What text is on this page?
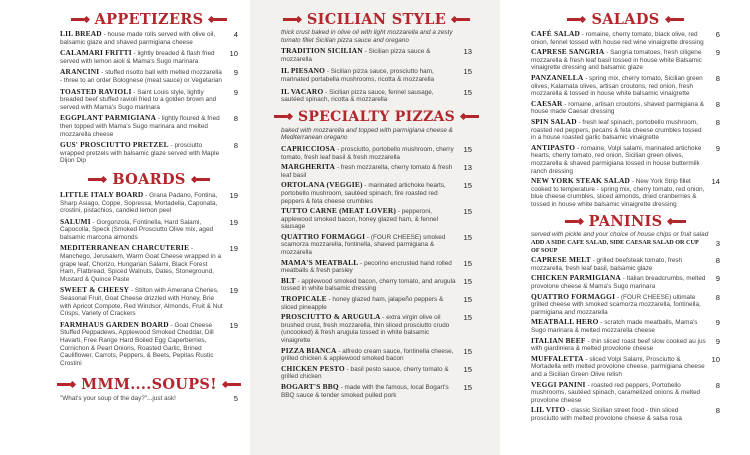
APPETIZERS
LIL BREAD - house made rolls served with olive oil, balsamic glaze and shaved parmigiana cheese
4
CALAMARI FRITTI - lightly breaded & flash fried served with lemon aioli & Mama's Sugo marinara
10
ARANCINI - stuffed risotto ball with melted mozzarella - three to an order Bolognese (meat sauce) or Vegetarian
9
TOASTED RAVIOLI - Saint Louis style, lightly breaded beef stuffed ravioli fried to a golden brown and served with Mama's Sugo marinara
9
EGGPLANT PARMIGIANA - lightly floured & fried then topped with Mama's Sugo marinara and melted mozzarella cheese
8
GUS' PROSCIUTTO PRETZEL - prosciutto wrapped pretzels with balsamic glaze served with Maple Dijon Dip
8
BOARDS
LITTLE ITALY BOARD - Grana Padano, Fontina, Sharp Asiago, Coppe, Sopressa, Mortadella, Caponata, crostini, pistachios, candied lemon peel
19
SALUMI - Gorgonzola, Fontinella, Hard Salami, Capocolla, Speck (Smoked Prosciutto Olive mix, aged balsamic marcona almonds
19
MEDITERRANEAN CHARCUTERIE - Manchego, Jerusalem, Warm Goat Cheese wrapped in a grape leaf, Chorizo, Hungarian Salami, Black Forest Ham, Flatbread, Spiced Walnuts, Dates, Stoneground, Mustard & Quince Paste
19
SWEET & CHEESY - Stilton with Amerana Cheries, Seasonal Fruit, Goat Cheese drizzled with Honey, Brie with Apricot Compote, Red Windsor, Almonds, Fruit & Nut Crisps, Variety of Crackers
19
FARMHAUS GARDEN BOARD - Goat Cheese Stuffed Peppadews, Applewood Smoked Cheddar, Dill Havarti, Free Range Hard Boiled Egg Caperberries, Cornichon & Pearl Onions, Roasted Garlic, Brined Cauliflower, Carrots, Peppers, & Beets, Pepitas Rustic Crostini
19
MMM....SOUPS!
"What's your soup of the day?"...just ask!	5
SICILIAN STYLE
thick crust baked in olive oil with light mozzarella and a zesty tomato fillet Sicilian pizza sauce and oregano
TRADITION SICILIAN - Sicilian pizza sauce & mozzarella
13
IL PIESANO - Sicilian pizza sauce, prosciutto ham, marinated portabella mushrooms, ricotta & mozzarella
15
IL VACARO - Sicilian pizza sauce, fennel sausage, sautéed spinach, ricotta & mozzarella
15
SPECIALTY PIZZAS
baked with mozzarella and topped with parmigiana cheese & Mediterranean oregano
CAPRICCIOSA - prosciutto, portobello mushroom, cherry tomato, fresh leaf basil & fresh mozzarella
15
MARGHERITA - fresh mozzarella, cherry tomato & fresh leaf basil
13
ORTOLANA (VEGGIE) - marinated artichoke hearts, portobello mushroom, sautéed spinach, fire roasted red peppers & feta cheese crumbles
15
TUTTO CARNE (MEAT LOVER) - pepperoni, applewood smoked bacon, honey glazed ham, & fennel sausage
15
QUATTRO FORMAGGI - (FOUR CHEESE) smoked scamorza mozzarella, fontinella, shaved parmigiana & mozzarella
15
MAMA'S MEATBALL - pecorino encrusted hand rolled meatballs & fresh parsley
15
BLT - applewood smoked bacon, cherry tomato, and arugula tossed in white balsamic dressing
15
TROPICALE - honey glazed ham, jalapeño peppers & sliced pineapple
15
PROSCIUTTO & ARUGULA - extra virgin olive oil brushed crust, fresh mozzarella, thin sliced prosciutto crudo (uncooked) & fresh arugula tossed in white balsamic vinaigrette
15
PIZZA BIANCA - alfredo cream sauce, fontinella cheese, grilled chicken & applewood smoked bacon
15
CHICKEN PESTO - basil pesto sauce, cherry tomato & grilled chicken
15
BOGART'S BBQ - made with the famous, local Bogart's BBQ sauce & tender smoked pulled pork
15
SALADS
CAFÉ SALAD - romaine, cherry tomato, black olive, red onion, fennel tossed with house red wine vinaigrette dressing
6
CAPRESE SANGRIA - Sangria tomatoes, fresh ciligene mozzarella & fresh leaf basil tossed in house white Balsamic vinaigrette dressing and balsamic glaze
9
PANZANELLA - spring mix, cherry tomato, Sicilian green olives, Kalamata olives, artisan croutons, red onion, fresh mozzarella & tossed in house white balsamic vinaigrette
8
CAESAR - romaine, artisan croutons, shaved parmigiana & house made Caesar dressing
8
SPIN SALAD - fresh leaf spinach, portobello mushroom, roasted red peppers, pecans & feta cheese crumbles tossed in a house roasted garlic balsamic vinaigrette
8
ANTIPASTO - romaine, Volpi salami, marinated artichoke hearts, cherry tomato, red onion, Sicilian green olives, mozzarella & shaved parmigiana tossed in house buttermilk ranch dressing
9
NEW YORK STEAK SALAD - New York Strip fillet cooked to temperature - spring mix, cherry tomato, red onion, blue cheese crumbles, sliced almonds, dried cranberries & tossed in house white balsamic vinaigrette dressing
14
PANINIS
served with pickle and your choice of house chips or fruit salad
ADD A SIDE CAFE SALAD, SIDE CAESAR SALAD OR CUP OF SOUP
3
CAPRESE MELT - grilled beefsteak tomato, fresh mozzarella, fresh leaf basil, balsamic glaze
8
CHICKEN PARMIGIANA - Italian breadcrumbs, melted provolone cheese & Mama's Sugo marinara
9
QUATTRO FORMAGGI - (FOUR CHEESE) ultimate grilled cheese with smoked scamorza mozzarella, fontinella, parmigiana and mozzarella
8
MEATBALL HERO - scratch made meatballs, Mama's Sugo marinara & melted mozzarella cheese
9
ITALIAN BEEF - thin sliced roast beef slow cooked au jus with giardiniera & melted provolone cheese
9
MUFFALETTA - sliced Volpi Salami, Prosciutto & Mortadella with melted provolone cheese, parmigiana cheese and a Sicilian Green Olive relish
10
VEGGI PANINI - roasted red peppers, Portobello mushrooms, sautéed spinach, caramelized onions & melted provolone cheese
8
LIL VITO - classic Sicilian street food - thin sliced prosciutto with melted provolone cheese & salsa rosa
8
